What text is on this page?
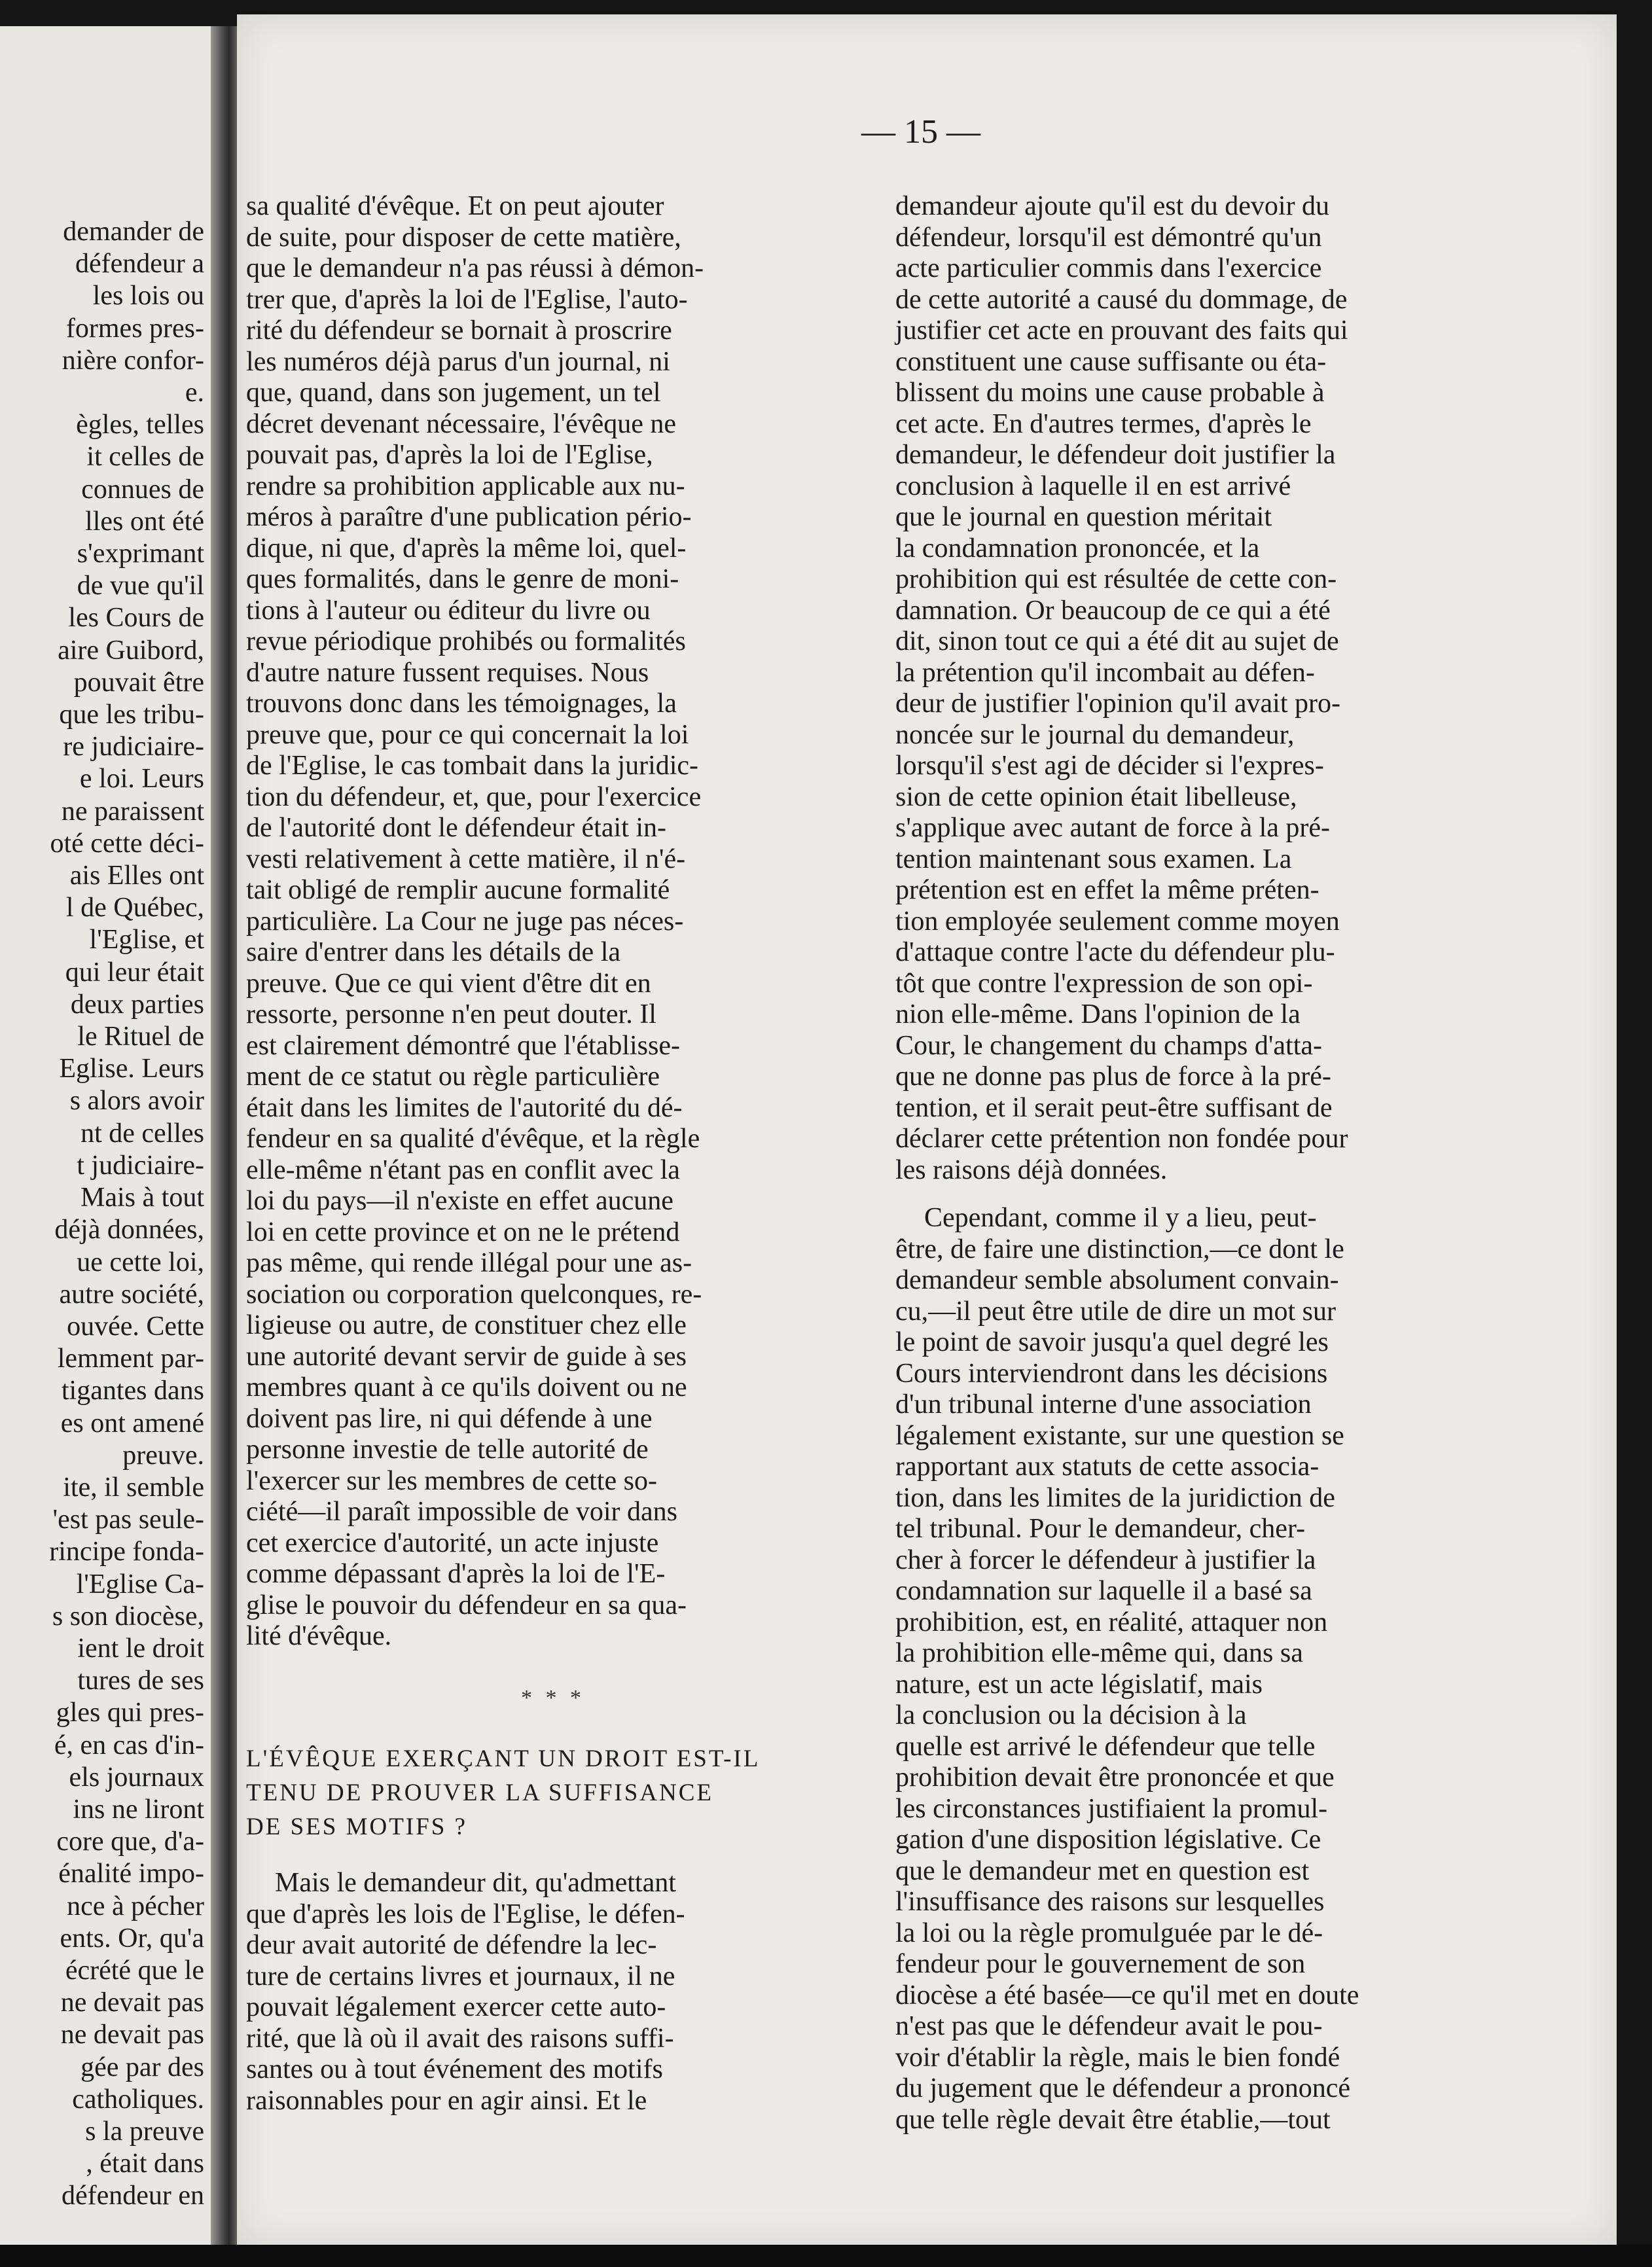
demander de
défendeur a
les lois ou
formes pres-
nière confor-
e.
ègles, telles
it celles de
connues de
lles ont été
s'exprimant
de vue qu'il
les Cours de
aire Guibord,
pouvait être
que les tribu-
re judiciaire-
e loi. Leurs
ne paraissent
oté cette déci-
ais Elles ont
l de Québec,
l'Eglise, et
qui leur était
deux parties
le Rituel de
Eglise. Leurs
s alors avoir
nt de celles
t judiciaire-
Mais à tout
déjà données,
ue cette loi,
autre société,
ouvée. Cette
lemment par-
tigantes dans
es ont amené
preuve.
ite, il semble
'est pas seule-
rincipe fonda-
l'Eglise Ca-
s son diocèse,
ient le droit
tures de ses
gles qui pres-
é, en cas d'in-
els journaux
ins ne liront
core que, d'a-
énalité impo-
nce à pécher
ents. Or, qu'a
écrété que le
ne devait pas
ne devait pas
gée par des
catholiques.
s la preuve
, était dans
défendeur en
— 15 —

sa qualité d'évêque. Et on peut ajouter
de suite, pour disposer de cette matière,
que le demandeur n'a pas réussi à démon-
trer que, d'après la loi de l'Eglise, l'auto-
rité du défendeur se bornait à proscrire
les numéros déjà parus d'un journal, ni
que, quand, dans son jugement, un tel
décret devenant nécessaire, l'évêque ne
pouvait pas, d'après la loi de l'Eglise,
rendre sa prohibition applicable aux nu-
méros à paraître d'une publication pério-
dique, ni que, d'après la même loi, quel-
ques formalités, dans le genre de moni-
tions à l'auteur ou éditeur du livre ou
revue périodique prohibés ou formalités
d'autre nature fussent requises. Nous
trouvons donc dans les témoignages, la
preuve que, pour ce qui concernait la loi
de l'Eglise, le cas tombait dans la juridic-
tion du défendeur, et, que, pour l'exercice
de l'autorité dont le défendeur était in-
vesti relativement à cette matière, il n'é-
tait obligé de remplir aucune formalité
particulière. La Cour ne juge pas néces-
saire d'entrer dans les détails de la
preuve. Que ce qui vient d'être dit en
ressorte, personne n'en peut douter. Il
est clairement démontré que l'établisse-
ment de ce statut ou règle particulière
était dans les limites de l'autorité du dé-
fendeur en sa qualité d'évêque, et la règle
elle-même n'étant pas en conflit avec la
loi du pays—il n'existe en effet aucune
loi en cette province et on ne le prétend
pas même, qui rende illégal pour une as-
sociation ou corporation quelconques, re-
ligieuse ou autre, de constituer chez elle
une autorité devant servir de guide à ses
membres quant à ce qu'ils doivent ou ne
doivent pas lire, ni qui défende à une
personne investie de telle autorité de
l'exercer sur les membres de cette so-
ciété—il paraît impossible de voir dans
cet exercice d'autorité, un acte injuste
comme dépassant d'après la loi de l'E-
glise le pouvoir du défendeur en sa qua-
lité d'évêque.

* * *
L'ÉVÊQUE EXERÇANT UN DROIT EST-IL
TENU DE PROUVER LA SUFFISANCE
DE SES MOTIFS ?

Mais le demandeur dit, qu'admettant
que d'après les lois de l'Eglise, le défen-
deur avait autorité de défendre la lec-
ture de certains livres et journaux, il ne
pouvait légalement exercer cette auto-
rité, que là où il avait des raisons suffi-
santes ou à tout événement des motifs
raisonnables pour en agir ainsi. Et le

demandeur ajoute qu'il est du devoir du
défendeur, lorsqu'il est démontré qu'un
acte particulier commis dans l'exercice
de cette autorité a causé du dommage, de
justifier cet acte en prouvant des faits qui
constituent une cause suffisante ou éta-
blissent du moins une cause probable à
cet acte. En d'autres termes, d'après le
demandeur, le défendeur doit justifier la
conclusion à laquelle il en est arrivé
que le journal en question méritait
la condamnation prononcée, et la
prohibition qui est résultée de cette con-
damnation. Or beaucoup de ce qui a été
dit, sinon tout ce qui a été dit au sujet de
la prétention qu'il incombait au défen-
deur de justifier l'opinion qu'il avait pro-
noncée sur le journal du demandeur,
lorsqu'il s'est agi de décider si l'expres-
sion de cette opinion était libelleuse,
s'applique avec autant de force à la pré-
tention maintenant sous examen. La
prétention est en effet la même préten-
tion employée seulement comme moyen
d'attaque contre l'acte du défendeur plu-
tôt que contre l'expression de son opi-
nion elle-même. Dans l'opinion de la
Cour, le changement du champs d'atta-
que ne donne pas plus de force à la pré-
tention, et il serait peut-être suffisant de
déclarer cette prétention non fondée pour
les raisons déjà données.

Cependant, comme il y a lieu, peut-
être, de faire une distinction,—ce dont le
demandeur semble absolument convain-
cu,—il peut être utile de dire un mot sur
le point de savoir jusqu'a quel degré les
Cours interviendront dans les décisions
d'un tribunal interne d'une association
légalement existante, sur une question se
rapportant aux statuts de cette associa-
tion, dans les limites de la juridiction de
tel tribunal. Pour le demandeur, cher-
cher à forcer le défendeur à justifier la
condamnation sur laquelle il a basé sa
prohibition, est, en réalité, attaquer non
la prohibition elle-même qui, dans sa
nature, est un acte législatif, mais
la conclusion ou la décision à la
quelle est arrivé le défendeur que telle
prohibition devait être prononcée et que
les circonstances justifiaient la promul-
gation d'une disposition législative. Ce
que le demandeur met en question est
l'insuffisance des raisons sur lesquelles
la loi ou la règle promulguée par le dé-
fendeur pour le gouvernement de son
diocèse a été basée—ce qu'il met en doute
n'est pas que le défendeur avait le pou-
voir d'établir la règle, mais le bien fondé
du jugement que le défendeur a prononcé
que telle règle devait être établie,—tout
